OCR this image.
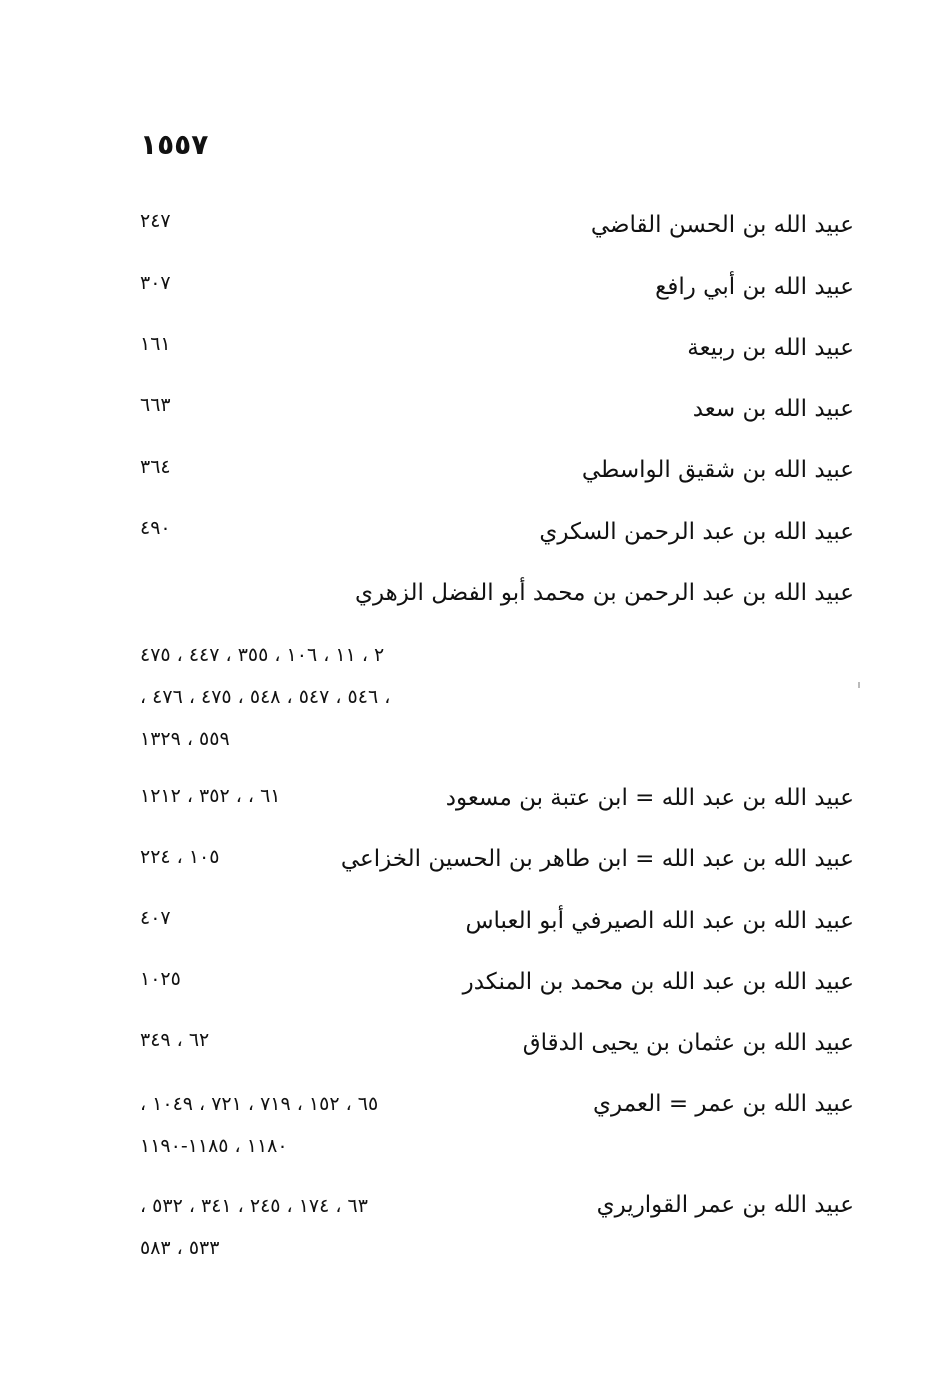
١٥٥٧
عبيد الله بن الحسن القاضي
٢٤٧
عبيد الله بن أبي رافع
٣٠٧
عبيد الله بن ربيعة
١٦١
عبيد الله بن سعد
٦٦٣
عبيد الله بن شقيق الواسطي
٣٦٤
عبيد الله بن عبد الرحمن السكري
٤٩٠
عبيد الله بن عبد الرحمن بن محمد أبو الفضل الزهري
٢ ، ١١ ، ١٠٦ ، ٣٥٥ ، ٤٤٧ ، ٤٧٥
، ٥٤٦ ، ٥٤٧ ، ٥٤٨ ، ٤٧٥ ، ٤٧٦ ،
٥٥٩ ، ١٣٢٩
عبيد الله بن عبد الله = ابن عتبة بن مسعود
٦١ ، ، ٣٥٢ ، ١٢١٢
عبيد الله بن عبد الله = ابن طاهر بن الحسين الخزاعي
١٠٥ ، ٢٢٤
عبيد الله بن عبد الله الصيرفي أبو العباس
٤٠٧
عبيد الله بن عبد الله بن محمد بن المنكدر
١٠٢٥
عبيد الله بن عثمان بن يحيى الدقاق
٦٢ ، ٣٤٩
عبيد الله بن عمر = العمري
٦٥ ، ١٥٢ ، ٧١٩ ، ٧٢١ ، ١٠٤٩ ،
١١٨٠ ، ١١٨٥-١١٩٠
عبيد الله بن عمر القواريري
٦٣ ، ١٧٤ ، ٢٤٥ ، ٣٤١ ، ٥٣٢ ،
٥٣٣ ، ٥٨٣
